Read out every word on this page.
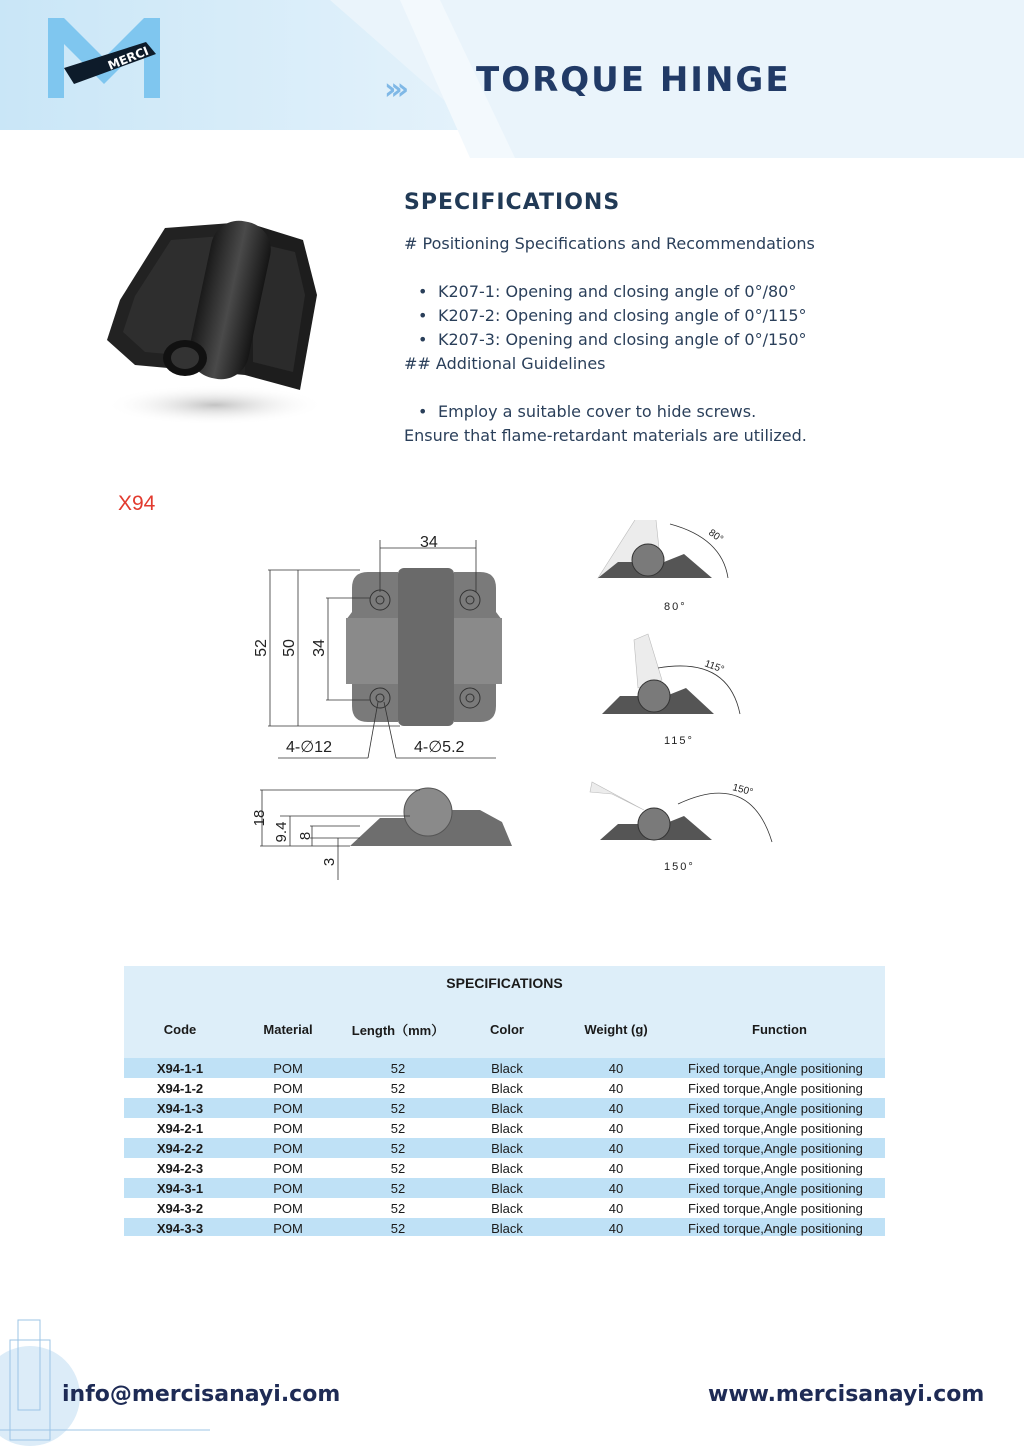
MERCI
››› TORQUE HINGE
SPECIFICATIONS
# Positioning Specifications and Recommendations
• K207-1: Opening and closing angle of 0°/80°
• K207-2: Opening and closing angle of 0°/115°
• K207-3: Opening and closing angle of 0°/150°
## Additional Guidelines
• Employ a suitable cover to hide screws.
Ensure that flame-retardant materials are utilized.
X94
34
52 50 34
4-∅12	4-∅5.2
18
9.4 8
3
80°
80°
115°
115°
150°
150°
SPECIFICATIONS					
Code	Material	Length（mm）	Color	Weight (g)	Function
X94-1-1	POM	52	Black	40	Fixed torque,Angle positioning
X94-1-2	POM	52	Black	40	Fixed torque,Angle positioning
X94-1-3	POM	52	Black	40	Fixed torque,Angle positioning
X94-2-1	POM	52	Black	40	Fixed torque,Angle positioning
X94-2-2	POM	52	Black	40	Fixed torque,Angle positioning
X94-2-3	POM	52	Black	40	Fixed torque,Angle positioning
X94-3-1	POM	52	Black	40	Fixed torque,Angle positioning
X94-3-2	POM	52	Black	40	Fixed torque,Angle positioning
X94-3-3	POM	52	Black	40	Fixed torque,Angle positioning
info@mercisanayi.com	www.mercisanayi.com
